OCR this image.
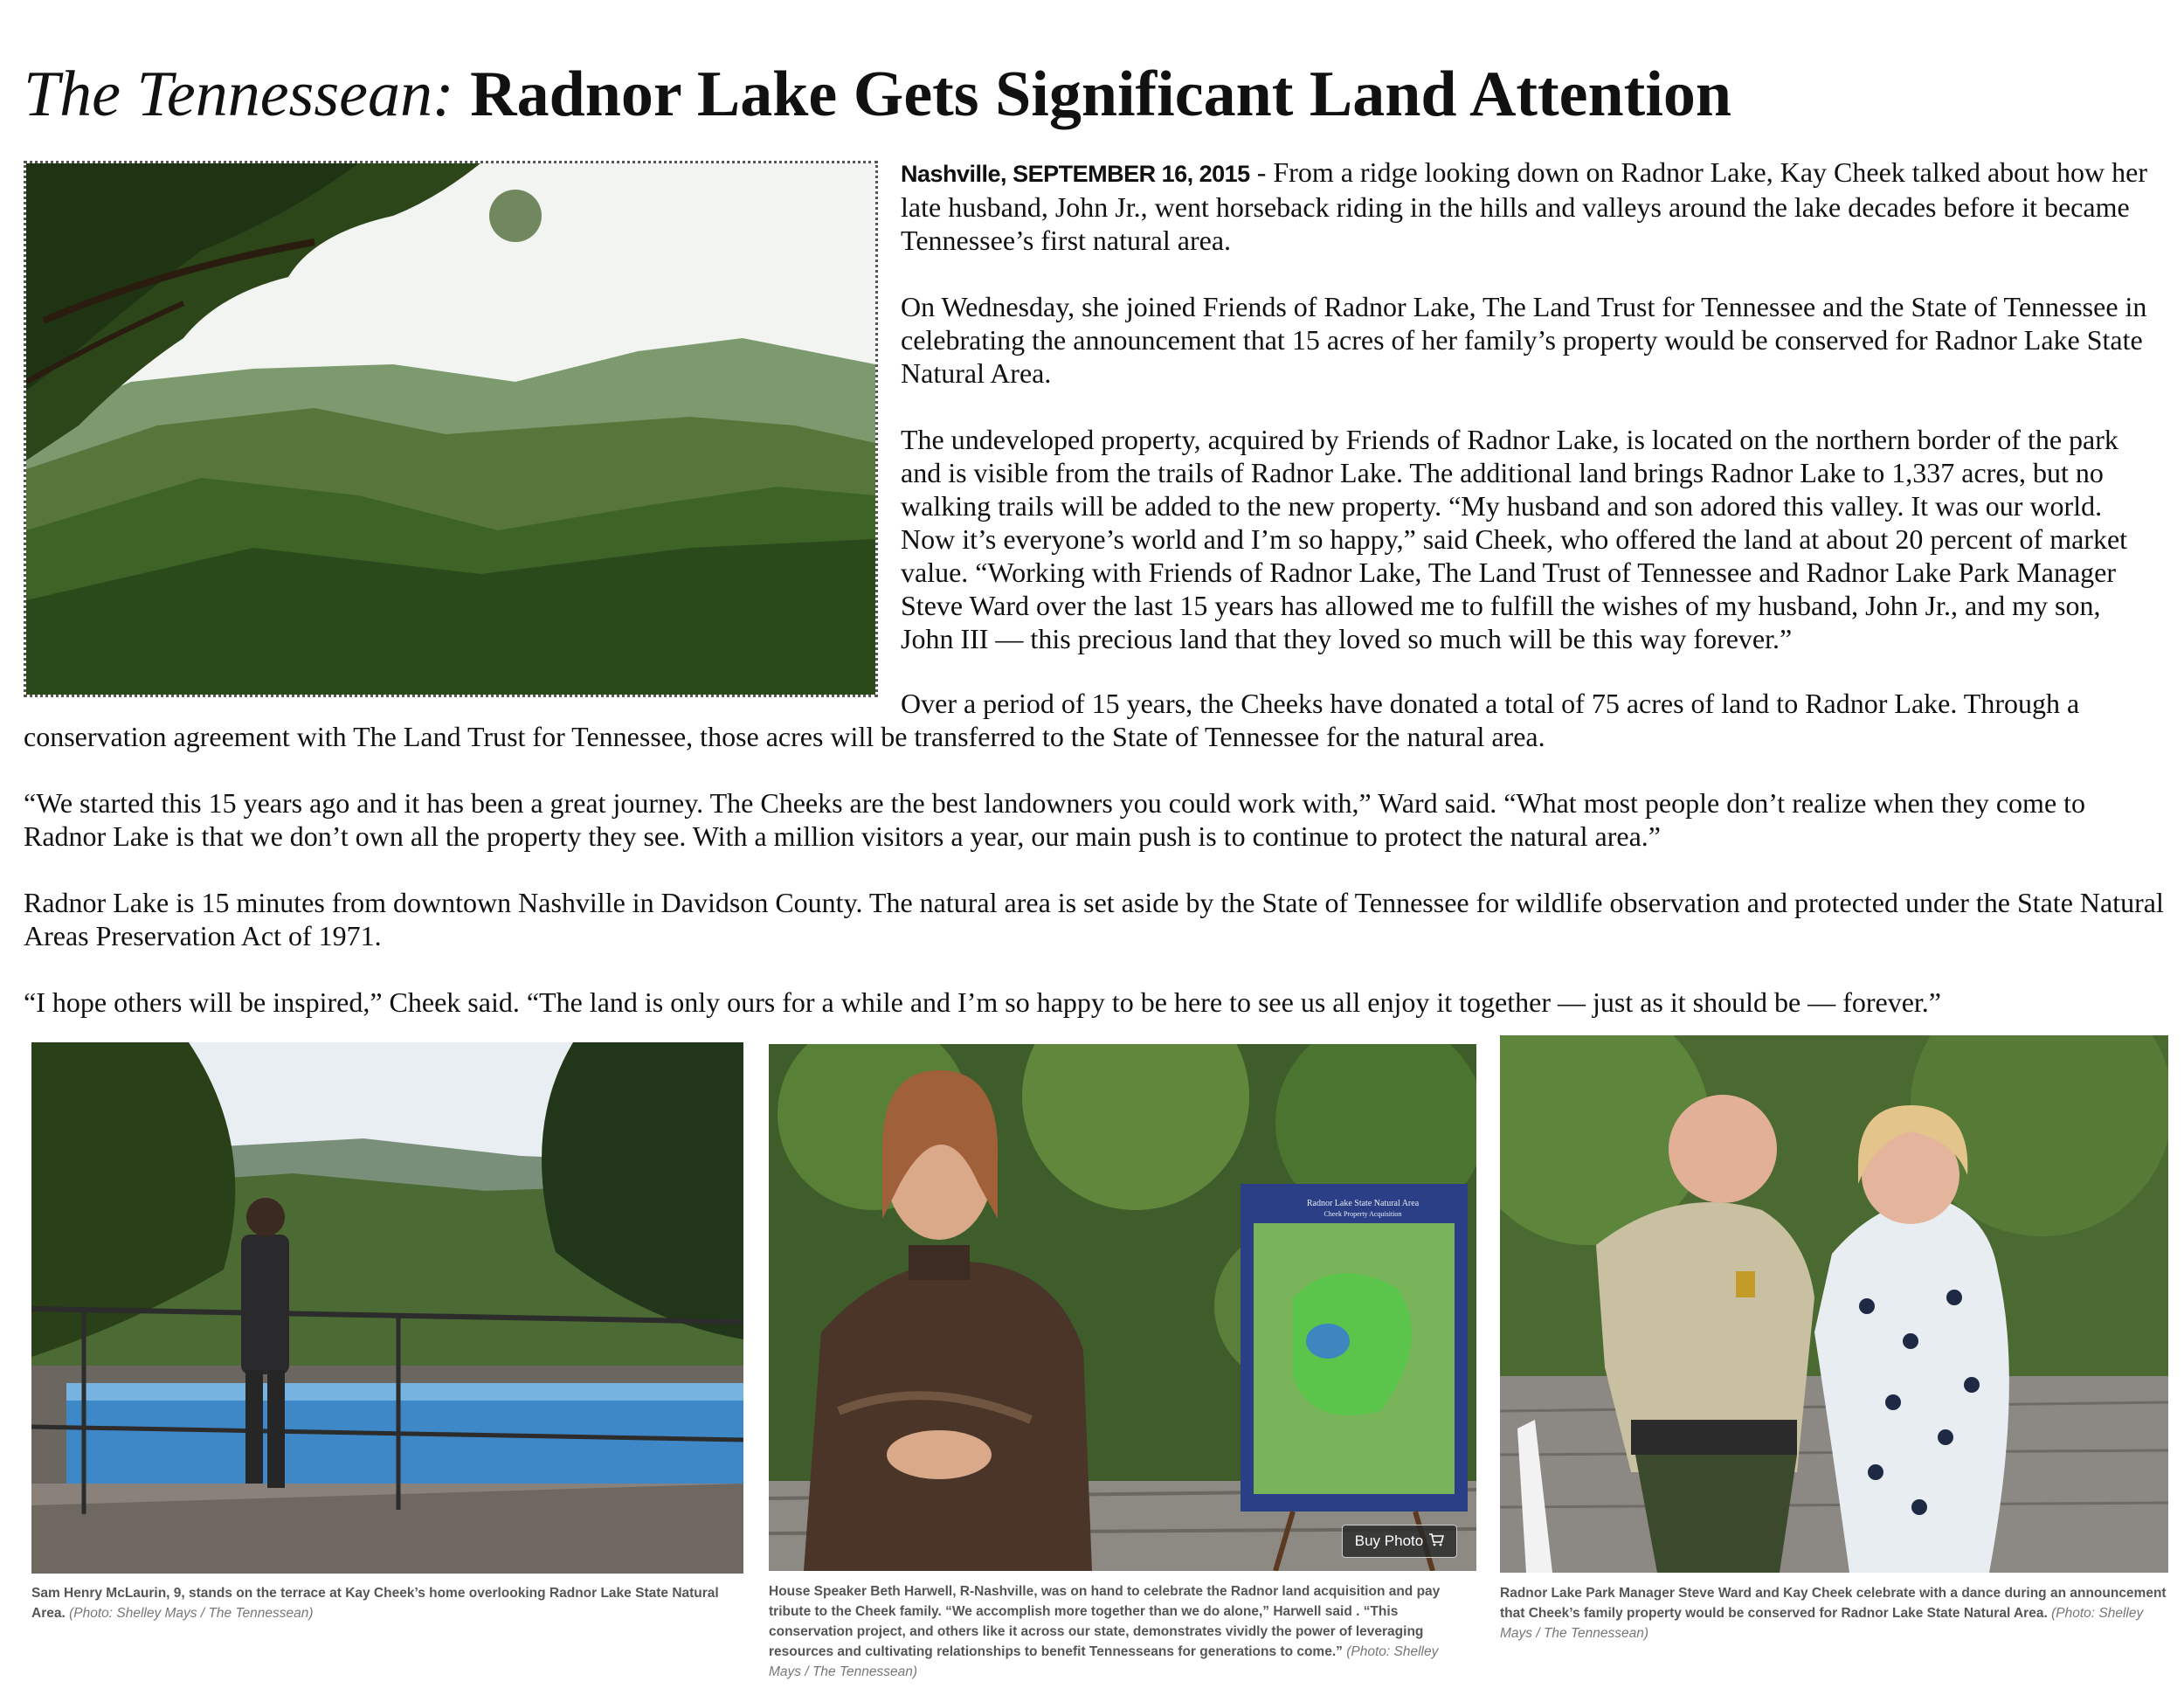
The Tennessean: Radnor Lake Gets Significant Land Attention

Nashville, SEPTEMBER 16, 2015 - From a ridge looking down on Radnor Lake, Kay Cheek talked about how her late husband, John Jr., went horseback riding in the hills and valleys around the lake decades before it became Tennessee’s first natural area.

On Wednesday, she joined Friends of Radnor Lake, The Land Trust for Tennessee and the State of Tennessee in celebrating the announcement that 15 acres of her family’s property would be conserved for Radnor Lake State Natural Area.

The undeveloped property, acquired by Friends of Radnor Lake, is located on the northern border of the park and is visible from the trails of Radnor Lake. The additional land brings Radnor Lake to 1,337 acres, but no walking trails will be added to the new property. “My husband and son adored this valley. It was our world. Now it’s everyone’s world and I’m so happy,” said Cheek, who offered the land at about 20 percent of market value. “Working with Friends of Radnor Lake, The Land Trust of Tennessee and Radnor Lake Park Manager Steve Ward over the last 15 years has allowed me to fulfill the wishes of my husband, John Jr., and my son, John III — this precious land that they loved so much will be this way forever.”

Over a period of 15 years, the Cheeks have donated a total of 75 acres of land to Radnor Lake. Through a conservation agreement with The Land Trust for Tennessee, those acres will be transferred to the State of Tennessee for the natural area.

“We started this 15 years ago and it has been a great journey. The Cheeks are the best landowners you could work with,” Ward said. “What most people don’t realize when they come to Radnor Lake is that we don’t own all the property they see. With a million visitors a year, our main push is to continue to protect the natural area.”

Radnor Lake is 15 minutes from downtown Nashville in Davidson County. The natural area is set aside by the State of Tennessee for wildlife observation and protected under the State Natural Areas Preservation Act of 1971.

“I hope others will be inspired,” Cheek said. “The land is only ours for a while and I’m so happy to be here to see us all enjoy it together — just as it should be — forever.”

Sam Henry McLaurin, 9, stands on the terrace at Kay Cheek’s home overlooking Radnor Lake State Natural Area. (Photo: Shelley Mays / The Tennessean)
Radnor Lake State Natural Area
Cheek Property Acquisition
Buy Photo
House Speaker Beth Harwell, R-Nashville, was on hand to celebrate the Radnor land acquisition and pay tribute to the Cheek family. “We accomplish more together than we do alone,” Harwell said . “This conservation project, and others like it across our state, demonstrates vividly the power of leveraging resources and cultivating relationships to benefit Tennesseans for generations to come.” (Photo: Shelley Mays / The Tennessean)
Radnor Lake Park Manager Steve Ward and Kay Cheek celebrate with a dance during an announcement that Cheek’s family property would be conserved for Radnor Lake State Natural Area. (Photo: Shelley Mays / The Tennessean)
